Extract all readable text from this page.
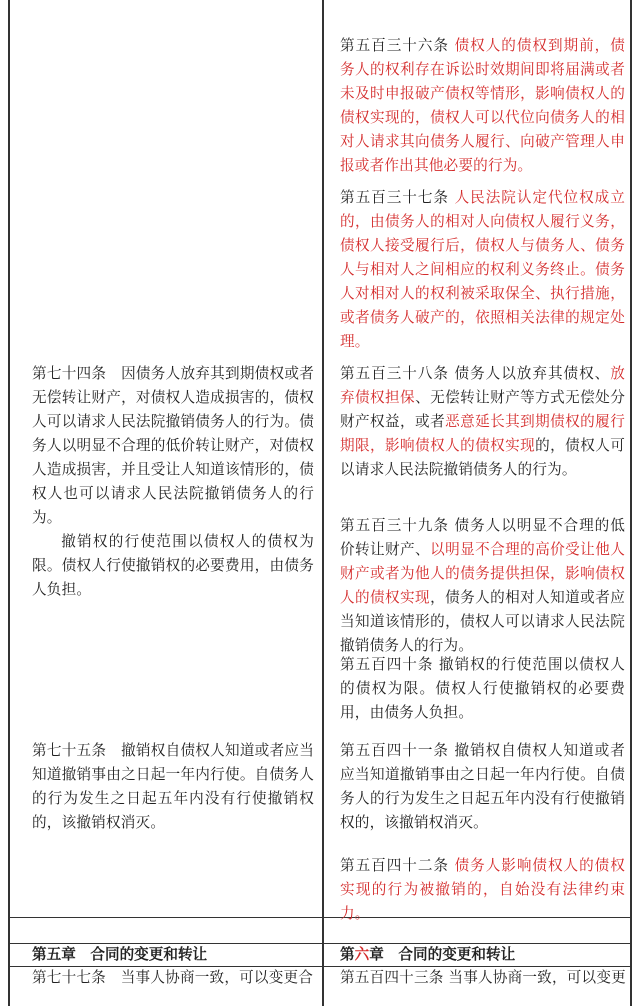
第七十四条　因债务人放弃其到期债权或者无偿转让财产，对债权人造成损害的，债权人可以请求人民法院撤销债务人的行为。债务人以明显不合理的低价转让财产，对债权人造成损害，并且受让人知道该情形的，债权人也可以请求人民法院撤销债务人的行为。

撤销权的行使范围以债权人的债权为限。债权人行使撤销权的必要费用，由债务人负担。

第七十五条　撤销权自债权人知道或者应当知道撤销事由之日起一年内行使。自债务人的行为发生之日起五年内没有行使撤销权的，该撤销权消灭。

第五章　合同的变更和转让

第七十七条　当事人协商一致，可以变更合

第五百三十六条 债权人的债权到期前，债务人的权利存在诉讼时效期间即将届满或者未及时申报破产债权等情形，影响债权人的债权实现的，债权人可以代位向债务人的相对人请求其向债务人履行、向破产管理人申报或者作出其他必要的行为。

第五百三十七条 人民法院认定代位权成立的，由债务人的相对人向债权人履行义务，债权人接受履行后，债权人与债务人、债务人与相对人之间相应的权利义务终止。债务人对相对人的权利被采取保全、执行措施，或者债务人破产的，依照相关法律的规定处理。

第五百三十八条 债务人以放弃其债权、放弃债权担保、无偿转让财产等方式无偿处分财产权益，或者恶意延长其到期债权的履行期限，影响债权人的债权实现的，债权人可以请求人民法院撤销债务人的行为。

第五百三十九条 债务人以明显不合理的低价转让财产、以明显不合理的高价受让他人财产或者为他人的债务提供担保，影响债权人的债权实现，债务人的相对人知道或者应当知道该情形的，债权人可以请求人民法院撤销债务人的行为。

第五百四十条 撤销权的行使范围以债权人的债权为限。债权人行使撤销权的必要费用，由债务人负担。

第五百四十一条 撤销权自债权人知道或者应当知道撤销事由之日起一年内行使。自债务人的行为发生之日起五年内没有行使撤销权的，该撤销权消灭。

第五百四十二条 债务人影响债权人的债权实现的行为被撤销的，自始没有法律约束力。

第六章　合同的变更和转让

第五百四十三条 当事人协商一致，可以变更
